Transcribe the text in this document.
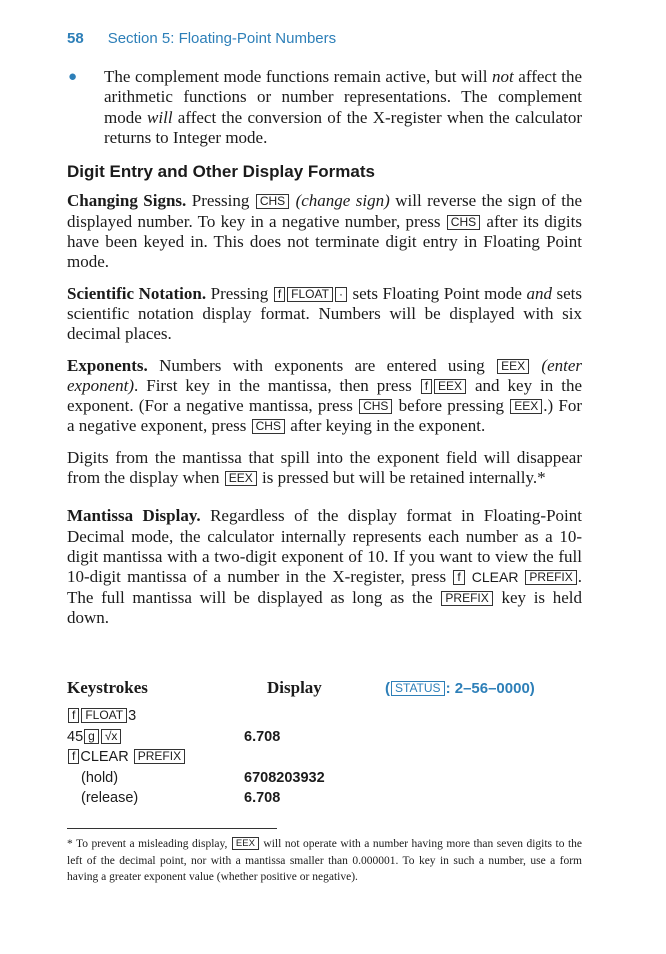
58 Section 5: Floating-Point Numbers
●	The complement mode functions remain active, but will not affect the arithmetic functions or number representations. The complement mode will affect the conversion of the X-register when the calculator returns to Integer mode.
Digit Entry and Other Display Formats

Changing Signs. Pressing CHS (change sign) will reverse the sign of the displayed number. To key in a negative number, press CHS after its digits have been keyed in. This does not terminate digit entry in Floating Point mode.

Scientific Notation. Pressing f FLOAT · sets Floating Point mode and sets scientific notation display format. Numbers will be displayed with six decimal places.

Exponents. Numbers with exponents are entered using EEX (enter exponent). First key in the mantissa, then press f EEX and key in the exponent. (For a negative mantissa, press CHS before pressing EEX .) For a negative exponent, press CHS after keying in the exponent.

Digits from the mantissa that spill into the exponent field will disappear from the display when EEX is pressed but will be retained internally.*

Mantissa Display. Regardless of the display format in Floating-Point Decimal mode, the calculator internally represents each number as a 10-digit mantissa with a two-digit exponent of 10. If you want to view the full 10-digit mantissa of a number in the X-register, press f CLEAR PREFIX . The full mantissa will be displayed as long as the PREFIX key is held down.

Keystrokes	Display	( STATUS : 2–56–0000)
f FLOAT 3
45 g √x	6.708
f CLEAR PREFIX
(hold)	6708203932
(release)	6.708
* To prevent a misleading display, EEX will not operate with a number having more than seven digits to the left of the decimal point, nor with a mantissa smaller than 0.000001. To key in such a number, use a form having a greater exponent value (whether positive or negative).
